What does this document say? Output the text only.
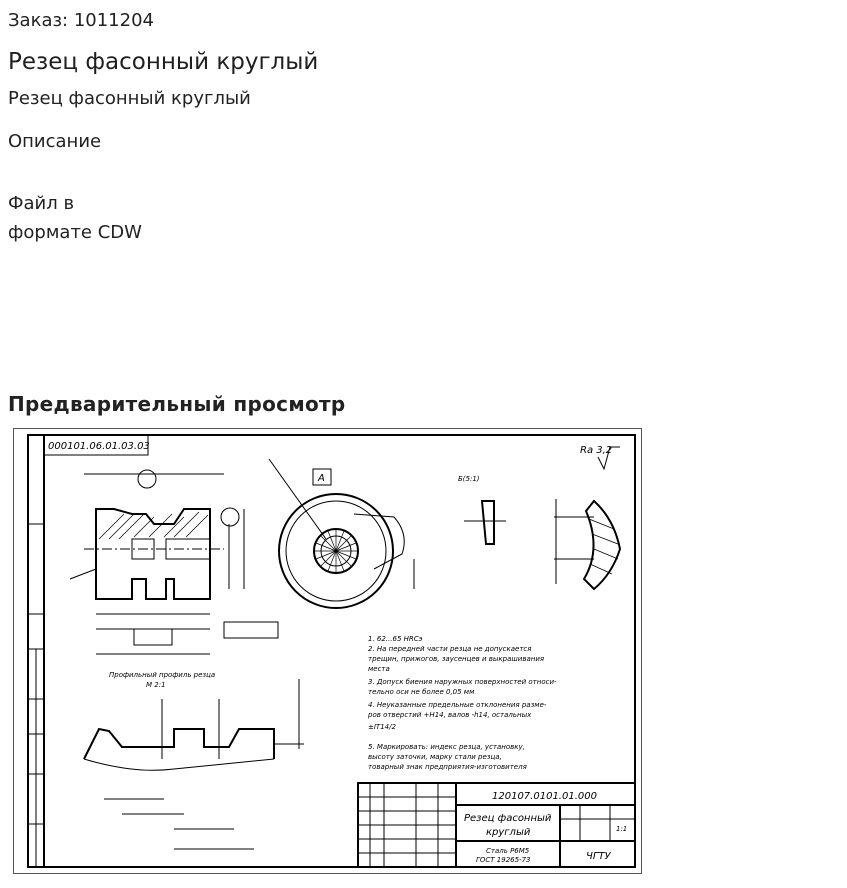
Заказ: 1011204
Резец фасонный круглый
Резец фасонный круглый
Описание
Файл в
формате CDW
Предварительный просмотр
000101.06.01.03.03	Ra 3,2
A	Б(5:1)
Профильный профиль резца
М 2:1
1. 62...65 HRCэ
2. На передней части резца не допускается
трещин, прижогов, заусенцев и выкрашивания
места
3. Допуск биения наружных поверхностей относи-
тельно оси не более 0,05 мм
4. Неуказанные предельные отклонения разме-
ров отверстий +H14, валов -h14, остальных
±IT14/2
5. Маркировать: индекс резца, установку,
высоту заточки, марку стали резца,
товарный знак предприятия-изготовителя
120107.0101.01.000
Резец фасонный
круглый
Сталь Р6М5
ГОСТ 19265-73
1:1
ЧГТУ
